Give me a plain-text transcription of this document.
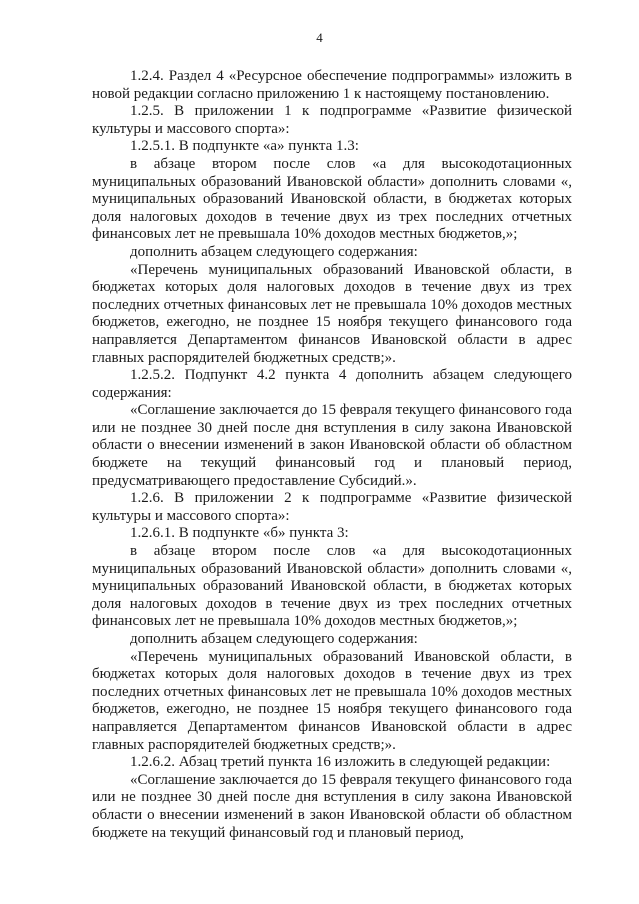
4

1.2.4. Раздел 4 «Ресурсное обеспечение подпрограммы» изложить в новой редакции согласно приложению 1 к настоящему постановлению.

1.2.5. В приложении 1 к подпрограмме «Развитие физической культуры и массового спорта»:

1.2.5.1. В подпункте «а» пункта 1.3:

в абзаце втором после слов «а для высокодотационных муниципальных образований Ивановской области» дополнить словами «, муниципальных образований Ивановской области, в бюджетах которых доля налоговых доходов в течение двух из трех последних отчетных финансовых лет не превышала 10% доходов местных бюджетов,»;

дополнить абзацем следующего содержания:

«Перечень муниципальных образований Ивановской области, в бюджетах которых доля налоговых доходов в течение двух из трех последних отчетных финансовых лет не превышала 10% доходов местных бюджетов, ежегодно, не позднее 15 ноября текущего финансового года направляется Департаментом финансов Ивановской области в адрес главных распорядителей бюджетных средств;».

1.2.5.2. Подпункт 4.2 пункта 4 дополнить абзацем следующего содержания:

«Соглашение заключается до 15 февраля текущего финансового года или не позднее 30 дней после дня вступления в силу закона Ивановской области о внесении изменений в закон Ивановской области об областном бюджете на текущий финансовый год и плановый период, предусматривающего предоставление Субсидий.».

1.2.6. В приложении 2 к подпрограмме «Развитие физической культуры и массового спорта»:

1.2.6.1. В подпункте «б» пункта 3:

в абзаце втором после слов «а для высокодотационных муниципальных образований Ивановской области» дополнить словами «, муниципальных образований Ивановской области, в бюджетах которых доля налоговых доходов в течение двух из трех последних отчетных финансовых лет не превышала 10% доходов местных бюджетов,»;

дополнить абзацем следующего содержания:

«Перечень муниципальных образований Ивановской области, в бюджетах которых доля налоговых доходов в течение двух из трех последних отчетных финансовых лет не превышала 10% доходов местных бюджетов, ежегодно, не позднее 15 ноября текущего финансового года направляется Департаментом финансов Ивановской области в адрес главных распорядителей бюджетных средств;».

1.2.6.2. Абзац третий пункта 16 изложить в следующей редакции:

«Соглашение заключается до 15 февраля текущего финансового года или не позднее 30 дней после дня вступления в силу закона Ивановской области о внесении изменений в закон Ивановской области об областном бюджете на текущий финансовый год и плановый период,
